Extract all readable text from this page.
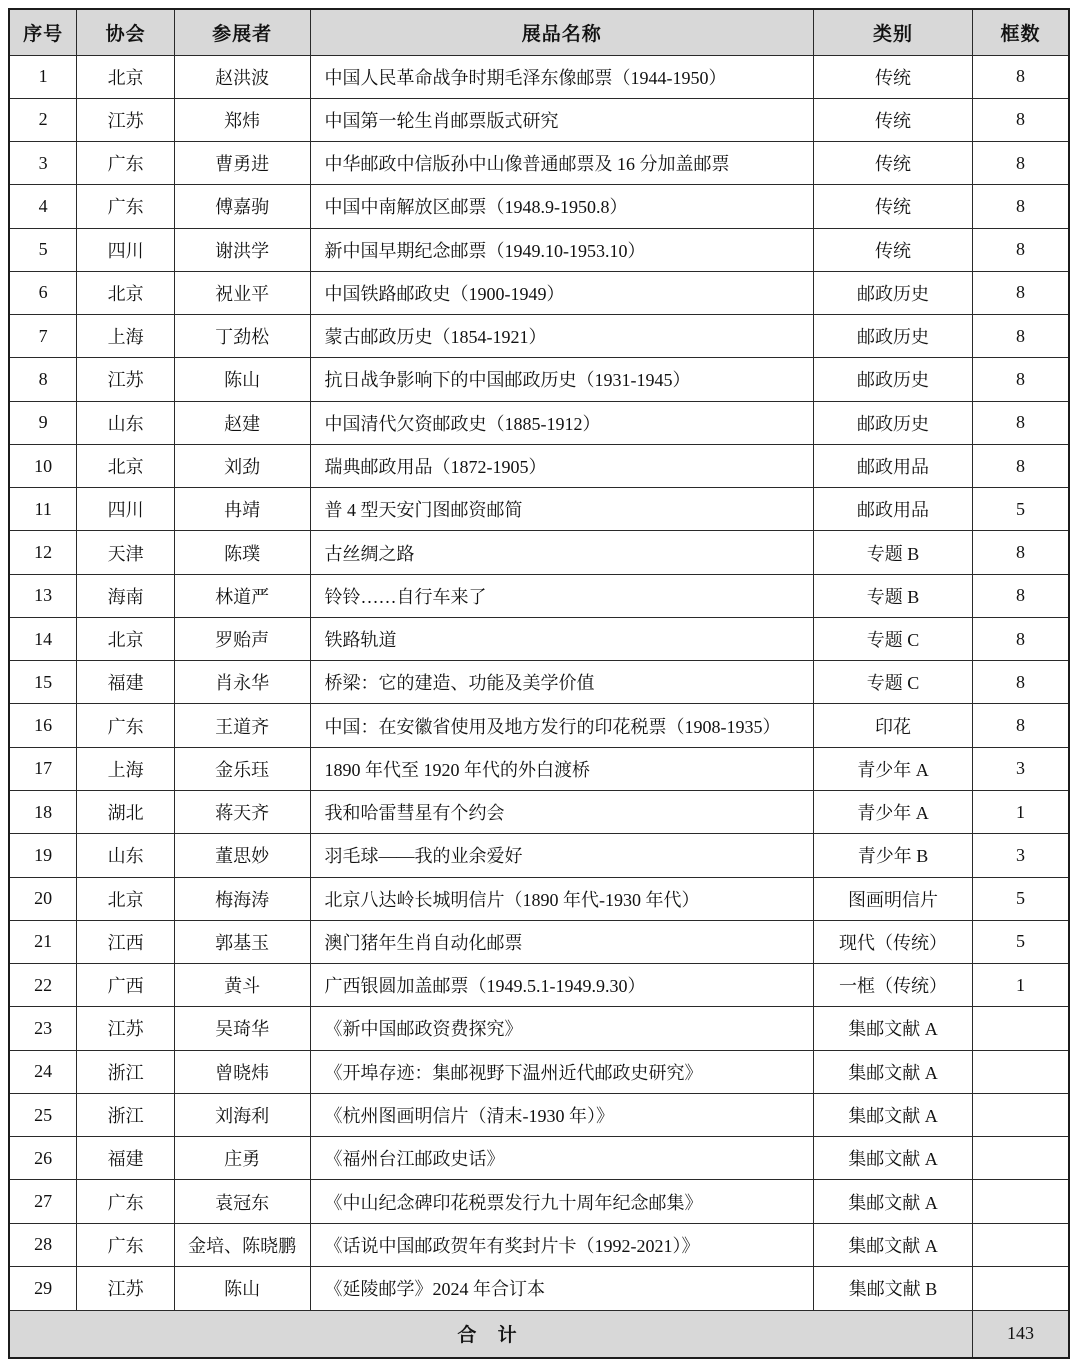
序号	协会	参展者	展品名称	类别	框数
1	北京	赵洪波	中国人民革命战争时期毛泽东像邮票（1944-1950）	传统	8
2	江苏	郑炜	中国第一轮生肖邮票版式研究	传统	8
3	广东	曹勇进	中华邮政中信版孙中山像普通邮票及 16 分加盖邮票	传统	8
4	广东	傅嘉驹	中国中南解放区邮票（1948.9-1950.8）	传统	8
5	四川	谢洪学	新中国早期纪念邮票（1949.10-1953.10）	传统	8
6	北京	祝业平	中国铁路邮政史（1900-1949）	邮政历史	8
7	上海	丁劲松	蒙古邮政历史（1854-1921）	邮政历史	8
8	江苏	陈山	抗日战争影响下的中国邮政历史（1931-1945）	邮政历史	8
9	山东	赵建	中国清代欠资邮政史（1885-1912）	邮政历史	8
10	北京	刘劲	瑞典邮政用品（1872-1905）	邮政用品	8
11	四川	冉靖	普 4 型天安门图邮资邮简	邮政用品	5
12	天津	陈璞	古丝绸之路	专题 B	8
13	海南	林道严	铃铃……自行车来了	专题 B	8
14	北京	罗贻声	铁路轨道	专题 C	8
15	福建	肖永华	桥梁：它的建造、功能及美学价值	专题 C	8
16	广东	王道齐	中国：在安徽省使用及地方发行的印花税票（1908-1935）	印花	8
17	上海	金乐珏	1890 年代至 1920 年代的外白渡桥	青少年 A	3
18	湖北	蒋天齐	我和哈雷彗星有个约会	青少年 A	1
19	山东	董思妙	羽毛球——我的业余爱好	青少年 B	3
20	北京	梅海涛	北京八达岭长城明信片（1890 年代-1930 年代）	图画明信片	5
21	江西	郭基玉	澳门猪年生肖自动化邮票	现代（传统）	5
22	广西	黄斗	广西银圆加盖邮票（1949.5.1-1949.9.30）	一框（传统）	1
23	江苏	吴琦华	《新中国邮政资费探究》	集邮文献 A	
24	浙江	曾晓炜	《开埠存迹：集邮视野下温州近代邮政史研究》	集邮文献 A	
25	浙江	刘海利	《杭州图画明信片（清末-1930 年）》	集邮文献 A	
26	福建	庄勇	《福州台江邮政史话》	集邮文献 A	
27	广东	袁冠东	《中山纪念碑印花税票发行九十周年纪念邮集》	集邮文献 A	
28	广东	金培、陈晓鹏	《话说中国邮政贺年有奖封片卡（1992-2021）》	集邮文献 A	
29	江苏	陈山	《延陵邮学》2024 年合订本	集邮文献 B	
合 计					143
